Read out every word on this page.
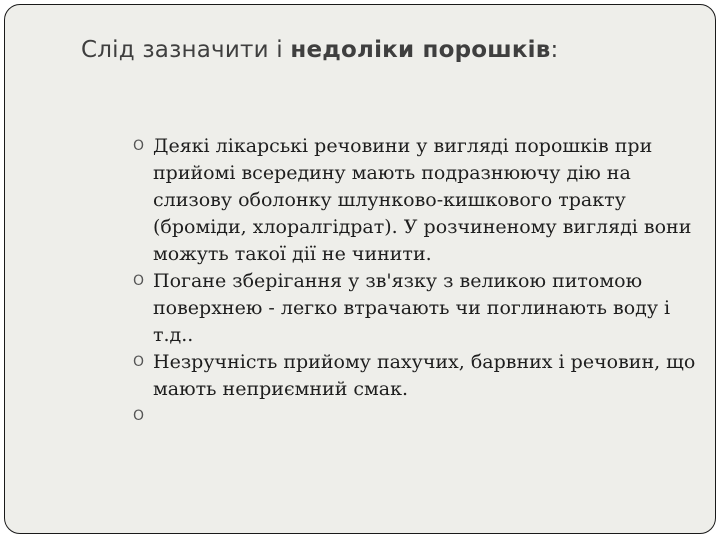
Слід зазначити і недоліки порошків:
O Деякі лікарські речовини у вигляді порошків при прийомі всередину мають подразнюючу дію на слизову оболонку шлунково-кишкового тракту (броміди, хлоралгідрат). У розчиненому вигляді вони можуть такої дії не чинити.
O Погане зберігання у зв'язку з великою питомою поверхнею - легко втрачають чи поглинають воду і т.д..
O Незручність прийому пахучих, барвних і речовин, що мають неприємний смак.
O
